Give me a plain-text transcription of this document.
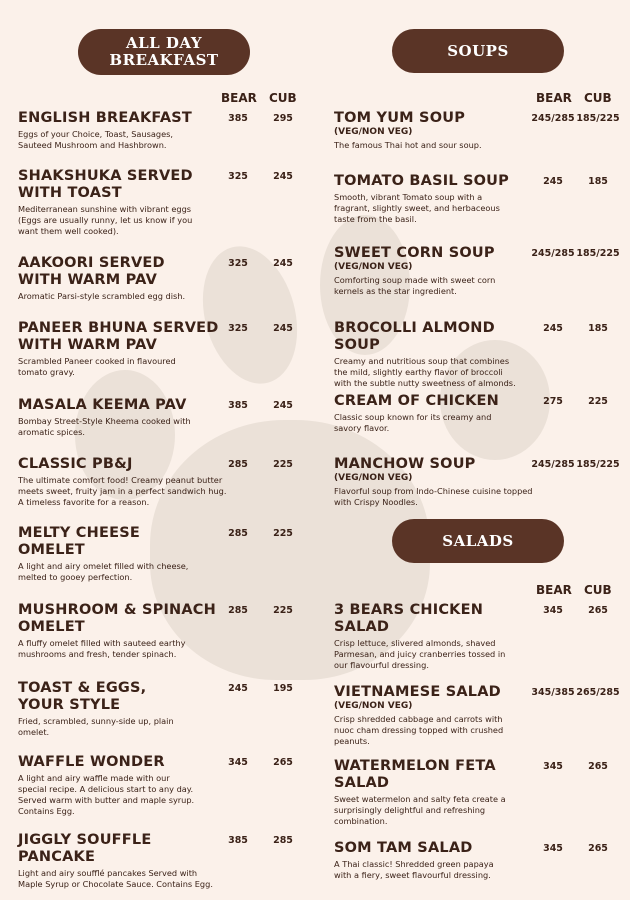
ALL DAY
BREAKFAST	SOUPS
SALADS
BEAR CUB	BEAR CUB
BEAR CUB
ENGLISH BREAKFAST
Eggs of your Choice, Toast, Sausages,
Sauteed Mushroom and Hashbrown.
385	295
SHAKSHUKA SERVED
WITH TOAST
Mediterranean sunshine with vibrant eggs
(Eggs are usually runny, let us know if you
want them well cooked).
325	245
AAKOORI SERVED
WITH WARM PAV
Aromatic Parsi-style scrambled egg dish.
325	245
PANEER BHUNA SERVED
WITH WARM PAV
Scrambled Paneer cooked in flavoured
tomato gravy.
325	245
MASALA KEEMA PAV
Bombay Street-Style Kheema cooked with
aromatic spices.
385	245
CLASSIC PB&J
The ultimate comfort food! Creamy peanut butter
meets sweet, fruity jam in a perfect sandwich hug.
A timeless favorite for a reason.
285	225
MELTY CHEESE
OMELET
A light and airy omelet filled with cheese,
melted to gooey perfection.
285	225
MUSHROOM & SPINACH
OMELET
A fluffy omelet filled with sauteed earthy
mushrooms and fresh, tender spinach.
285	225
TOAST & EGGS,
YOUR STYLE
Fried, scrambled, sunny-side up, plain
omelet.
245	195
WAFFLE WONDER
A light and airy waffle made with our
special recipe. A delicious start to any day.
Served warm with butter and maple syrup.
Contains Egg.
345	265
JIGGLY SOUFFLE
PANCAKE
Light and airy soufflé pancakes Served with
Maple Syrup or Chocolate Sauce. Contains Egg.
385	285
TOM YUM SOUP
(VEG/NON VEG)
The famous Thai hot and sour soup.
245/285 185/225
TOMATO BASIL SOUP
Smooth, vibrant Tomato soup with a
fragrant, slightly sweet, and herbaceous
taste from the basil.
245	185
SWEET CORN SOUP
(VEG/NON VEG)
Comforting soup made with sweet corn
kernels as the star ingredient.
245/285 185/225
BROCOLLI ALMOND SOUP
Creamy and nutritious soup that combines
the mild, slightly earthy flavor of broccoli
with the subtle nutty sweetness of almonds.
245	185
CREAM OF CHICKEN
Classic soup known for its creamy and
savory flavor.
275	225
MANCHOW SOUP
(VEG/NON VEG)
Flavorful soup from Indo-Chinese cuisine topped
with Crispy Noodles.
245/285 185/225
3 BEARS CHICKEN
SALAD
Crisp lettuce, slivered almonds, shaved
Parmesan, and juicy cranberries tossed in
our flavourful dressing.
345	265
VIETNAMESE SALAD
(VEG/NON VEG)
Crisp shredded cabbage and carrots with
nuoc cham dressing topped with crushed
peanuts.
345/385 265/285
WATERMELON FETA
SALAD
Sweet watermelon and salty feta create a
surprisingly delightful and refreshing
combination.
345	265
SOM TAM SALAD
A Thai classic! Shredded green papaya
with a fiery, sweet flavourful dressing.
345	265
